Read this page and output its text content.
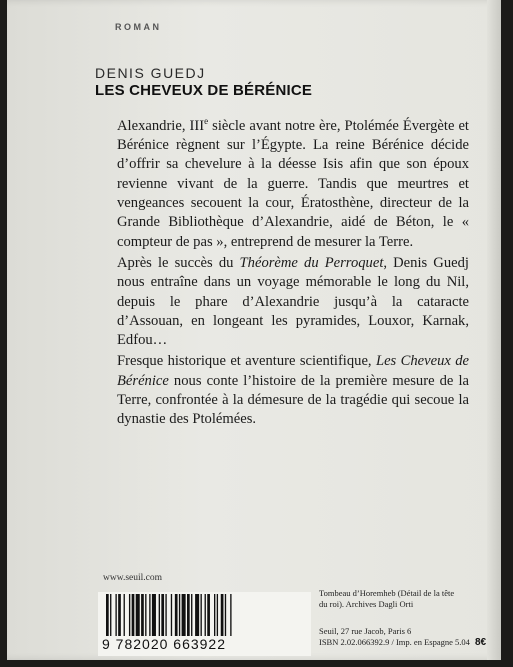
ROMAN
DENIS GUEDJ
LES CHEVEUX DE BÉRÉNICE

Alexandrie, IIIe siècle avant notre ère, Ptolémée Évergète et Bérénice règnent sur l’Égypte. La reine Bérénice décide d’offrir sa chevelure à la déesse Isis afin que son époux revienne vivant de la guerre. Tandis que meurtres et vengeances secouent la cour, Ératosthène, directeur de la Grande Bibliothèque d’Alexandrie, aidé de Béton, le « compteur de pas », entreprend de mesurer la Terre.

Après le succès du Théorème du Perroquet, Denis Guedj nous entraîne dans un voyage mémorable le long du Nil, depuis le phare d’Alexandrie jusqu’à la cataracte d’Assouan, en longeant les pyramides, Louxor, Karnak, Edfou…

Fresque historique et aventure scientifique, Les Cheveux de Bérénice nous conte l’histoire de la première mesure de la Terre, confrontée à la démesure de la tragédie qui secoue la dynastie des Ptolémées.

www.seuil.com
9 782020 663922
Tombeau d’Horemheb (Détail de la tête
du roi). Archives Dagli Orti
Seuil, 27 rue Jacob, Paris 6
ISBN 2.02.066392.9 / Imp. en Espagne 5.04 8€
